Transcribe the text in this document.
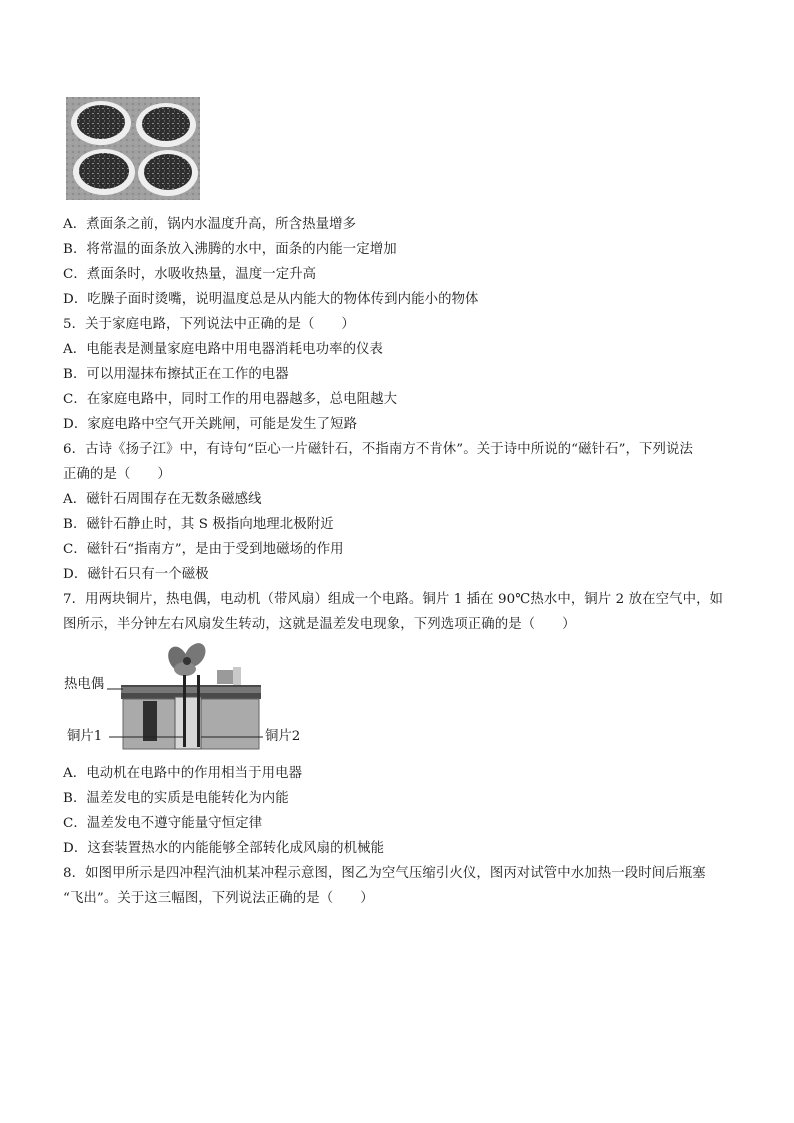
A．煮面条之前，锅内水温度升高，所含热量增多
B．将常温的面条放入沸腾的水中，面条的内能一定增加
C．煮面条时，水吸收热量，温度一定升高
D．吃臊子面时烫嘴，说明温度总是从内能大的物体传到内能小的物体
5．关于家庭电路，下列说法中正确的是（　　）
A．电能表是测量家庭电路中用电器消耗电功率的仪表
B．可以用湿抹布擦拭正在工作的电器
C．在家庭电路中，同时工作的用电器越多，总电阻越大
D．家庭电路中空气开关跳闸，可能是发生了短路
6．古诗《扬子江》中，有诗句“臣心一片磁针石，不指南方不肯休”。关于诗中所说的“磁针石”，下列说法
正确的是（　　）
A．磁针石周围存在无数条磁感线
B．磁针石静止时，其 S 极指向地理北极附近
C．磁针石“指南方”，是由于受到地磁场的作用
D．磁针石只有一个磁极
7．用两块铜片，热电偶，电动机（带风扇）组成一个电路。铜片 1 插在 90℃热水中，铜片 2 放在空气中，如
图所示，半分钟左右风扇发生转动，这就是温差发电现象，下列选项正确的是（　　）
热电偶
铜片1	铜片2
A．电动机在电路中的作用相当于用电器
B．温差发电的实质是电能转化为内能
C．温差发电不遵守能量守恒定律
D．这套装置热水的内能能够全部转化成风扇的机械能
8．如图甲所示是四冲程汽油机某冲程示意图，图乙为空气压缩引火仪，图丙对试管中水加热一段时间后瓶塞
“飞出”。关于这三幅图，下列说法正确的是（　　）
